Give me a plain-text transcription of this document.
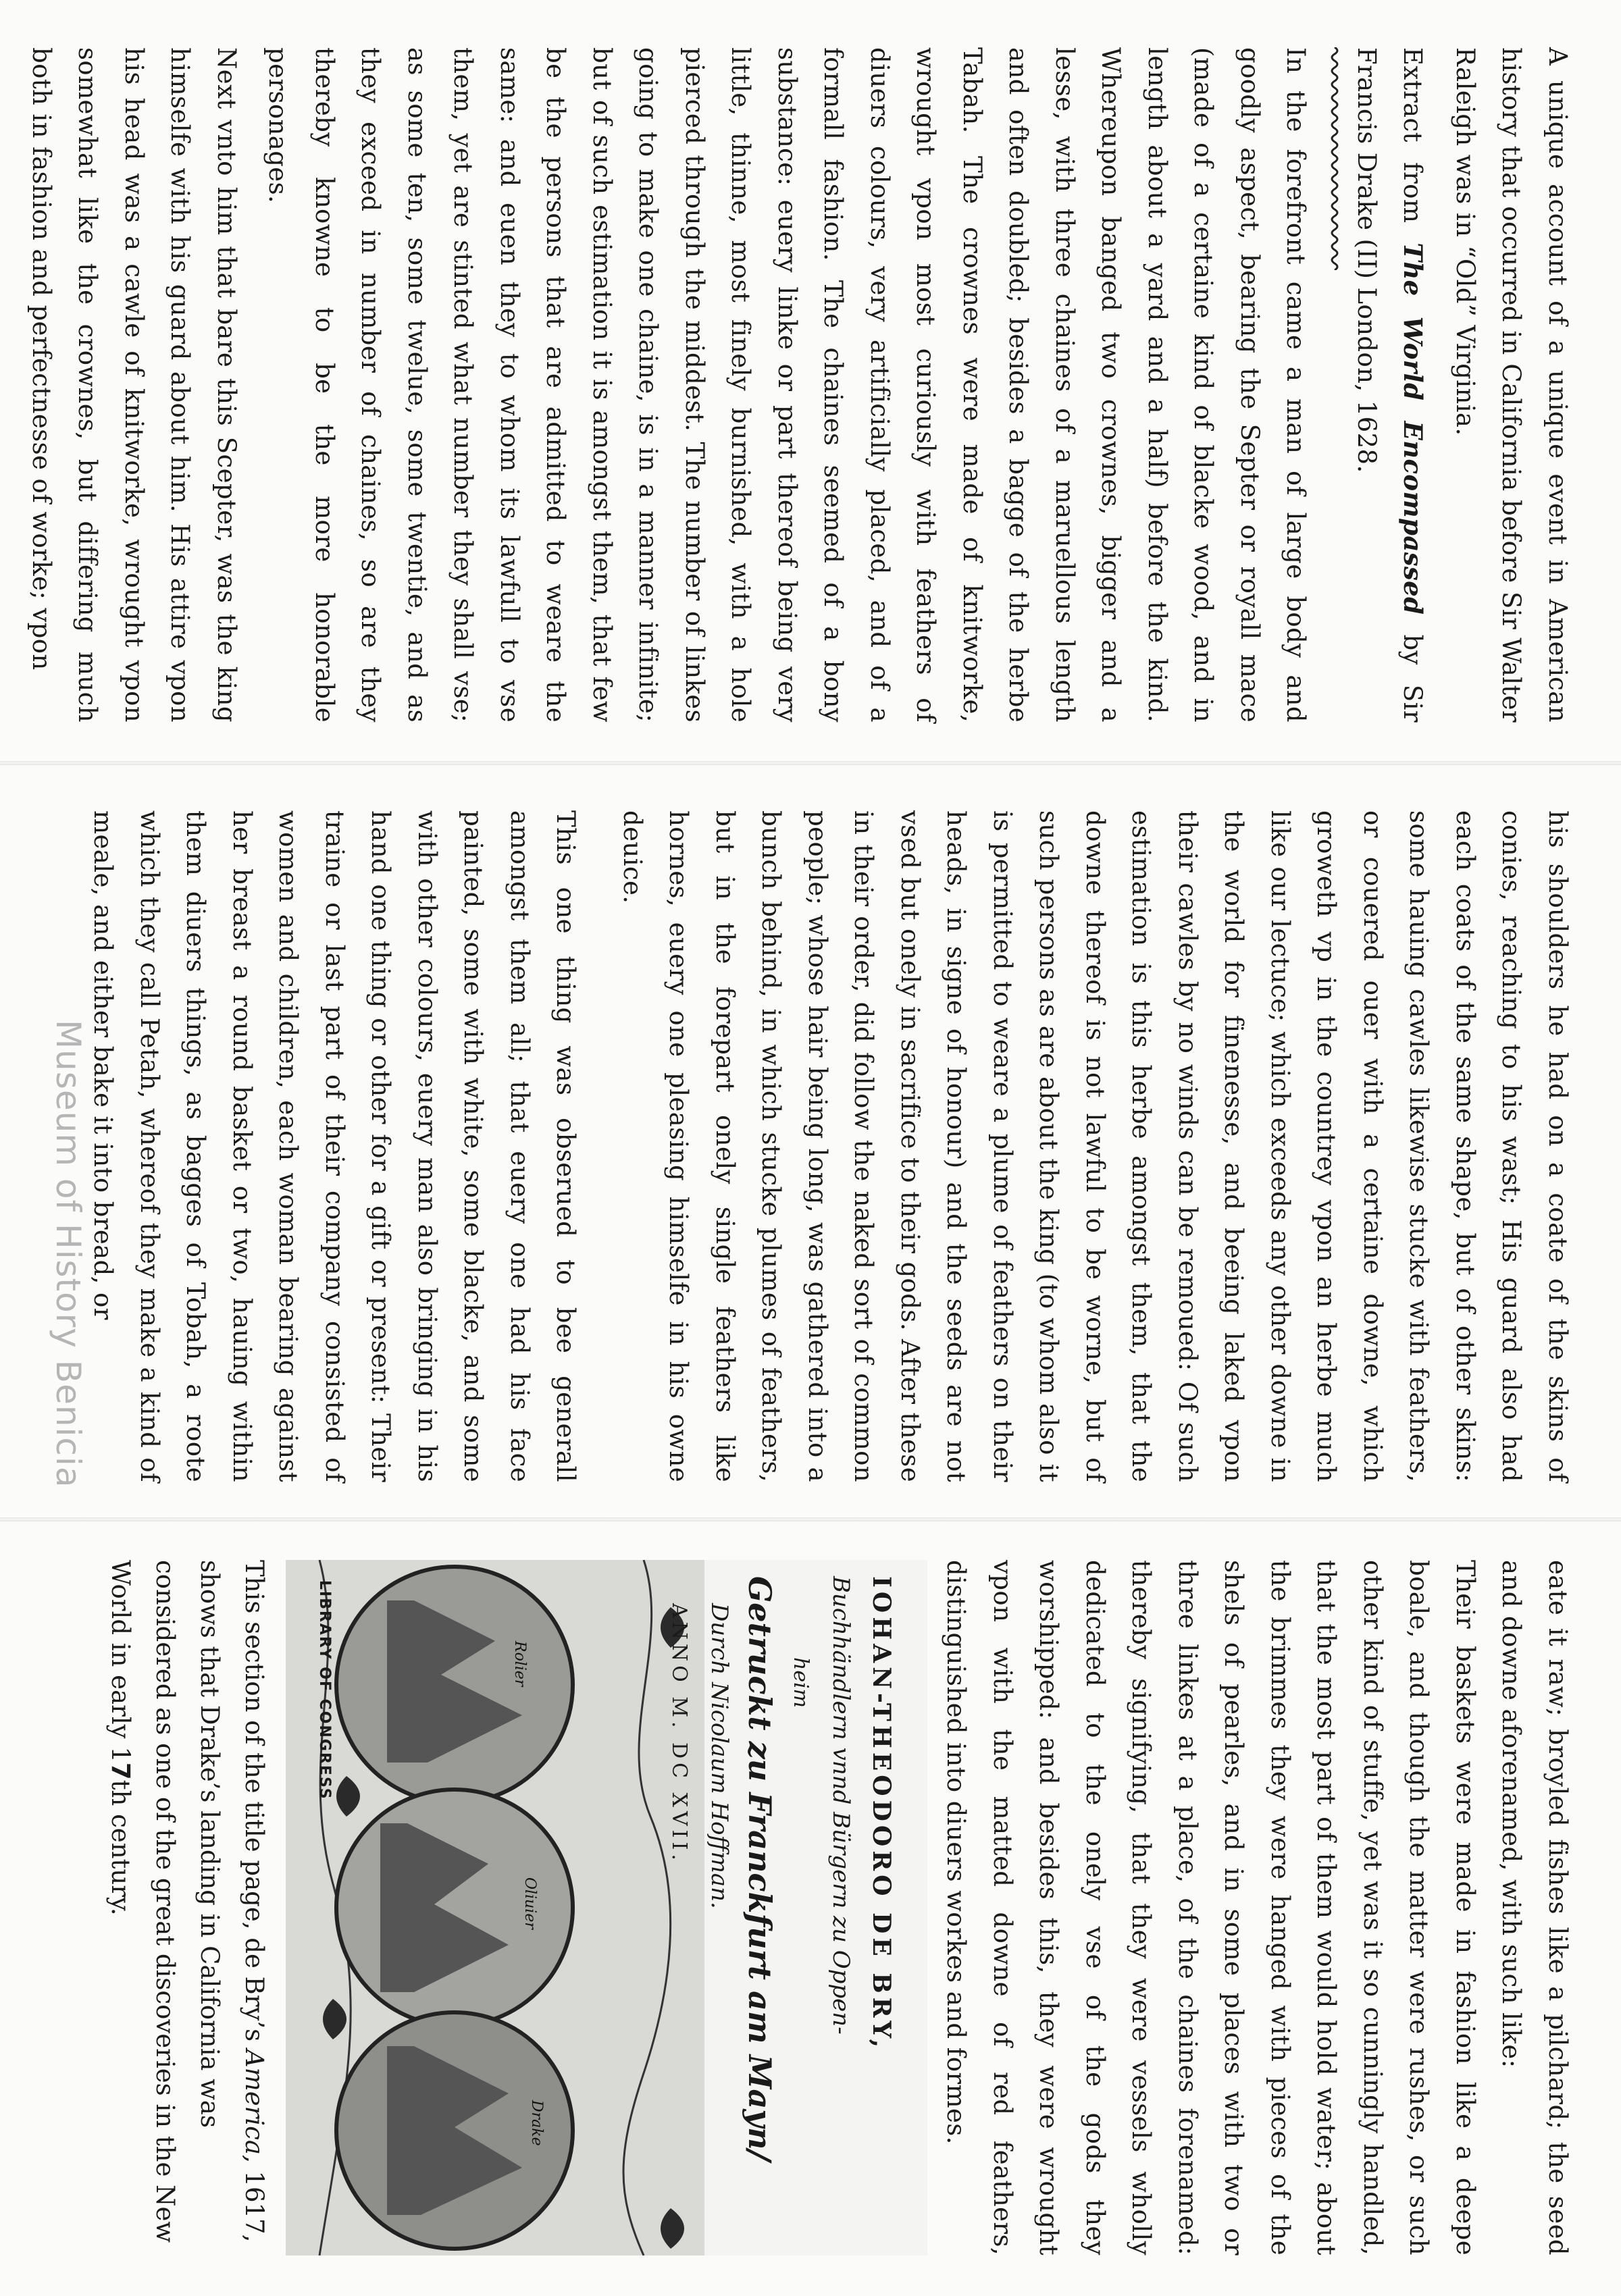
A unique account of a unique event in American history that occurred in California before Sir Walter Raleigh was in “Old” Virginia.

Extract from The World Encompassed by Sir Francis Drake (II) London, 1628.

In the forefront came a man of large body and goodly aspect, bearing the Septer or royall mace (made of a certaine kind of blacke wood, and in length about a yard and a half) before the kind. Whereupon banged two crownes, bigger and a lesse, with three chaines of a maruellous length and often doubled; besides a bagge of the herbe Tabah. The crownes were made of knitworke, wrought vpon most curiously with feathers of diuers colours, very artificially placed, and of a formall fashion. The chaines seemed of a bony substance: euery linke or part thereof being very little, thinne, most finely burnished, with a hole pierced through the middest. The number of linkes going to make one chaine, is in a manner infinite; but of such estimation it is amongst them, that few be the persons that are admitted to weare the same: and euen they to whom its lawfull to vse them, yet are stinted what number they shall vse; as some ten, some twelue, some twentie, and as they exceed in number of chaines, so are they thereby knowne to be the more honorable personages.

Next vnto him that bare this Scepter, was the king himselfe with his guard about him. His attire vpon his head was a cawle of knitworke, wrought vpon somewhat like the crownes, but differing much both in fashion and perfectnesse of worke; vpon

his shoulders he had on a coate of the skins of conies, reaching to his wast; His guard also had each coats of the same shape, but of other skins: some hauing cawles likewise stucke with feathers, or couered ouer with a certaine downe, which groweth vp in the countrey vpon an herbe much like our lectuce; which exceeds any other downe in the world for finenesse, and beeing laked vpon their cawles by no winds can be remoued: Of such estimation is this herbe amongst them, that the downe thereof is not lawful to be worne, but of such persons as are about the king (to whom also it is permitted to weare a plume of feathers on their heads, in signe of honour) and the seeds are not vsed but onely in sacrifice to their gods. After these in their order, did follow the naked sort of common people; whose hair being long, was gathered into a bunch behind, in which stucke plumes of feathers, but in the forepart onely single feathers like hornes, euery one pleasing himselfe in his owne deuice.

This one thing was obserued to bee generall amongst them all; that euery one had his face painted, some with white, some blacke, and some with other colours, euery man also bringing in his hand one thing or other for a gift or present: Their traine or last part of their company consisted of women and children, each woman bearing against her breast a round basket or two, hauing within them diuers things, as bagges of Tobah, a roote which they call Petah, whereof they make a kind of meale, and either bake it into bread, or

eate it raw; broyled fishes like a pilchard; the seed and downe aforenamed, with such like:

Their baskets were made in fashion like a deepe boale, and though the matter were rushes, or such other kind of stuffe, yet was it so cunningly handled, that the most part of them would hold water; about the brimmes they were hanged with pieces of the shels of pearles, and in some places with two or three linkes at a place, of the chaines forenamed: thereby signifying, that they were vessels wholly dedicated to the onely vse of the gods they worshipped: and besides this, they were wrought vpon with the matted downe of red feathers, distinguished into diuers workes and formes.

Rolier
Oliuier
Drake
IOHAN-THEODORO DE BRY,
Buchhändlern vnnd Bürgern zu Oppen-
heim
Getruckt zu Franckfurt am Mayn/
Durch Nicolaum Hoffman.
ANNO M. DC XVII.
LIBRARY OF CONGRESS
This section of the title page, de Bry’s America, 1617, shows that Drake’s landing in California was considered as one of the great discoveries in the New World in early 17th century.
Museum of History Benicia
